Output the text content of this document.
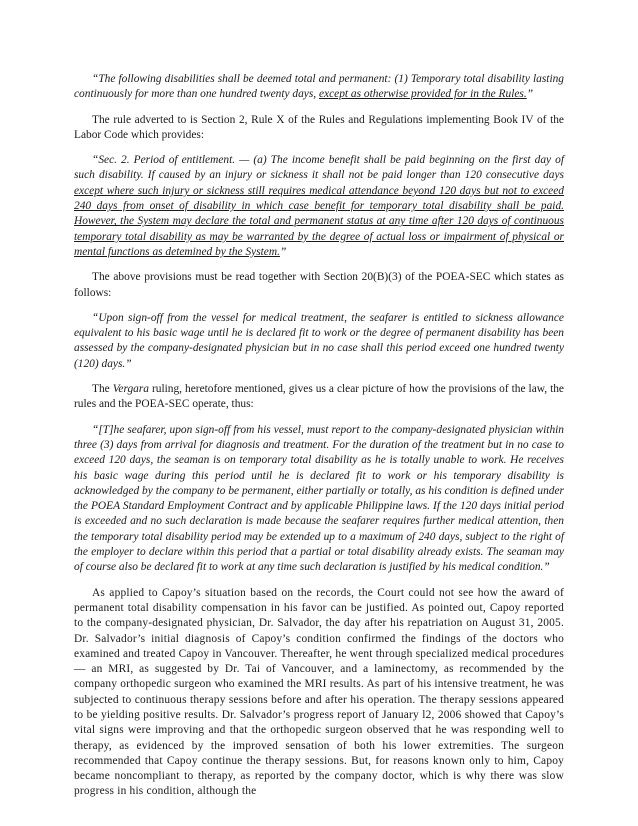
“The following disabilities shall be deemed total and permanent: (1) Temporary total disability lasting continuously for more than one hundred twenty days, except as otherwise provided for in the Rules.”

The rule adverted to is Section 2, Rule X of the Rules and Regulations implementing Book IV of the Labor Code which provides:

“Sec. 2. Period of entitlement. — (a) The income benefit shall be paid beginning on the first day of such disability. If caused by an injury or sickness it shall not be paid longer than 120 consecutive days except where such injury or sickness still requires medical attendance beyond 120 days but not to exceed 240 days from onset of disability in which case benefit for temporary total disability shall be paid. However, the System may declare the total and permanent status at any time after 120 days of continuous temporary total disability as may be warranted by the degree of actual loss or impairment of physical or mental functions as detemined by the System.”

The above provisions must be read together with Section 20(B)(3) of the POEA-SEC which states as follows:

“Upon sign-off from the vessel for medical treatment, the seafarer is entitled to sickness allowance equivalent to his basic wage until he is declared fit to work or the degree of permanent disability has been assessed by the company-designated physician but in no case shall this period exceed one hundred twenty (120) days.”

The Vergara ruling, heretofore mentioned, gives us a clear picture of how the provisions of the law, the rules and the POEA-SEC operate, thus:

“[T]he seafarer, upon sign-off from his vessel, must report to the company-designated physician within three (3) days from arrival for diagnosis and treatment. For the duration of the treatment but in no case to exceed 120 days, the seaman is on temporary total disability as he is totally unable to work. He receives his basic wage during this period until he is declared fit to work or his temporary disability is acknowledged by the company to be permanent, either partially or totally, as his condition is defined under the POEA Standard Employment Contract and by applicable Philippine laws. If the 120 days initial period is exceeded and no such declaration is made because the seafarer requires further medical attention, then the temporary total disability period may be extended up to a maximum of 240 days, subject to the right of the employer to declare within this period that a partial or total disability already exists. The seaman may of course also be declared fit to work at any time such declaration is justified by his medical condition.”

As applied to Capoy’s situation based on the records, the Court could not see how the award of permanent total disability compensation in his favor can be justified. As pointed out, Capoy reported to the company-designated physician, Dr. Salvador, the day after his repatriation on August 31, 2005. Dr. Salvador’s initial diagnosis of Capoy’s condition confirmed the findings of the doctors who examined and treated Capoy in Vancouver. Thereafter, he went through specialized medical procedures — an MRI, as suggested by Dr. Tai of Vancouver, and a laminectomy, as recommended by the company orthopedic surgeon who examined the MRI results. As part of his intensive treatment, he was subjected to continuous therapy sessions before and after his operation. The therapy sessions appeared to be yielding positive results. Dr. Salvador’s progress report of January l2, 2006 showed that Capoy’s vital signs were improving and that the orthopedic surgeon observed that he was responding well to therapy, as evidenced by the improved sensation of both his lower extremities. The surgeon recommended that Capoy continue the therapy sessions. But, for reasons known only to him, Capoy became noncompliant to therapy, as reported by the company doctor, which is why there was slow progress in his condition, although the
